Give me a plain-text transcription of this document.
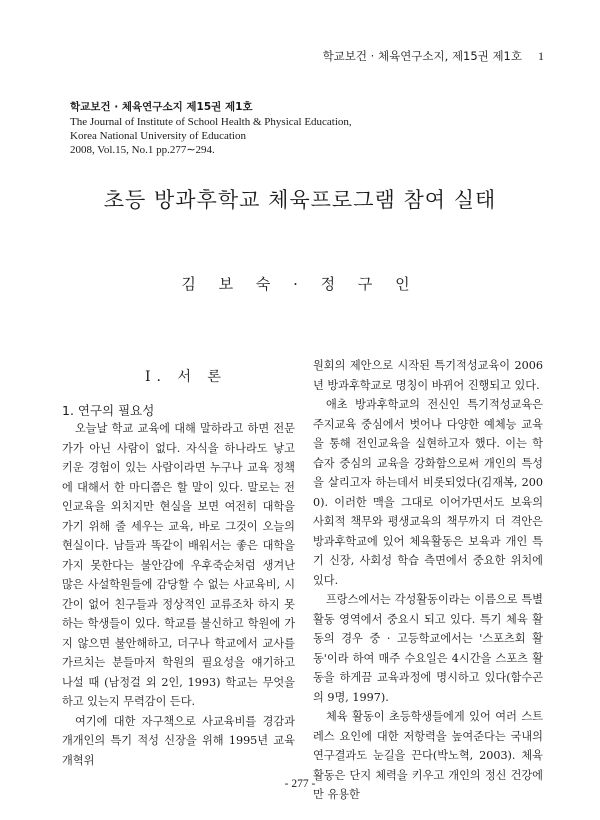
학교보건 · 체육연구소지, 제15권 제1호 1
학교보건 · 체육연구소지 제15권 제1호
The Journal of Institute of School Health & Physical Education,
Korea National University of Education
2008, Vol.15, No.1 pp.277∼294.
초등 방과후학교 체육프로그램 참여 실태
김 보 숙 · 정 구 인
Ⅰ. 서 론
1. 연구의 필요성

오늘날 학교 교육에 대해 말하라고 하면 전문가가 아닌 사람이 없다. 자식을 하나라도 낳고 키운 경험이 있는 사람이라면 누구나 교육 정책에 대해서 한 마디쯤은 할 말이 있다. 말로는 전인교육을 외치지만 현실을 보면 여전히 대학을 가기 위해 줄 세우는 교육, 바로 그것이 오늘의 현실이다. 남들과 똑같이 배워서는 좋은 대학을 가지 못한다는 불안감에 우후죽순처럼 생겨난 많은 사설학원들에 감당할 수 없는 사교육비, 시간이 없어 친구들과 정상적인 교류조차 하지 못하는 학생들이 있다. 학교를 불신하고 학원에 가지 않으면 불안해하고, 더구나 학교에서 교사를 가르치는 분들마저 학원의 필요성을 얘기하고 나설 때 (남정걸 외 2인, 1993) 학교는 무엇을 하고 있는지 무력감이 든다.

여기에 대한 자구책으로 사교육비를 경감과 개개인의 특기 적성 신장을 위해 1995년 교육개혁위

원회의 제안으로 시작된 특기적성교육이 2006년 방과후학교로 명칭이 바뀌어 진행되고 있다.

애초 방과후학교의 전신인 특기적성교육은 주지교육 중심에서 벗어나 다양한 예체능 교육을 통해 전인교육을 실현하고자 했다. 이는 학습자 중심의 교육을 강화함으로써 개인의 특성을 살리고자 하는데서 비롯되었다(김재복, 2000). 이러한 맥을 그대로 이어가면서도 보육의 사회적 책무와 평생교육의 책무까지 더 격안은 방과후학교에 있어 체육활동은 보육과 개인 특기 신장, 사회성 학습 측면에서 중요한 위치에 있다.

프랑스에서는 각성활동이라는 이름으로 특별활동 영역에서 중요시 되고 있다. 특기 체육 활동의 경우 중 · 고등학교에서는 '스포츠회 활동'이라 하여 매주 수요일은 4시간을 스포츠 활동을 하게끔 교육과정에 명시하고 있다(함수곤의 9명, 1997).

체육 활동이 초등학생들에게 있어 여러 스트레스 요인에 대한 저항력을 높여준다는 국내의 연구결과도 눈길을 끈다(박노혁, 2003). 체육 활동은 단지 체력을 키우고 개인의 정신 건강에만 유용한

- 277 -
